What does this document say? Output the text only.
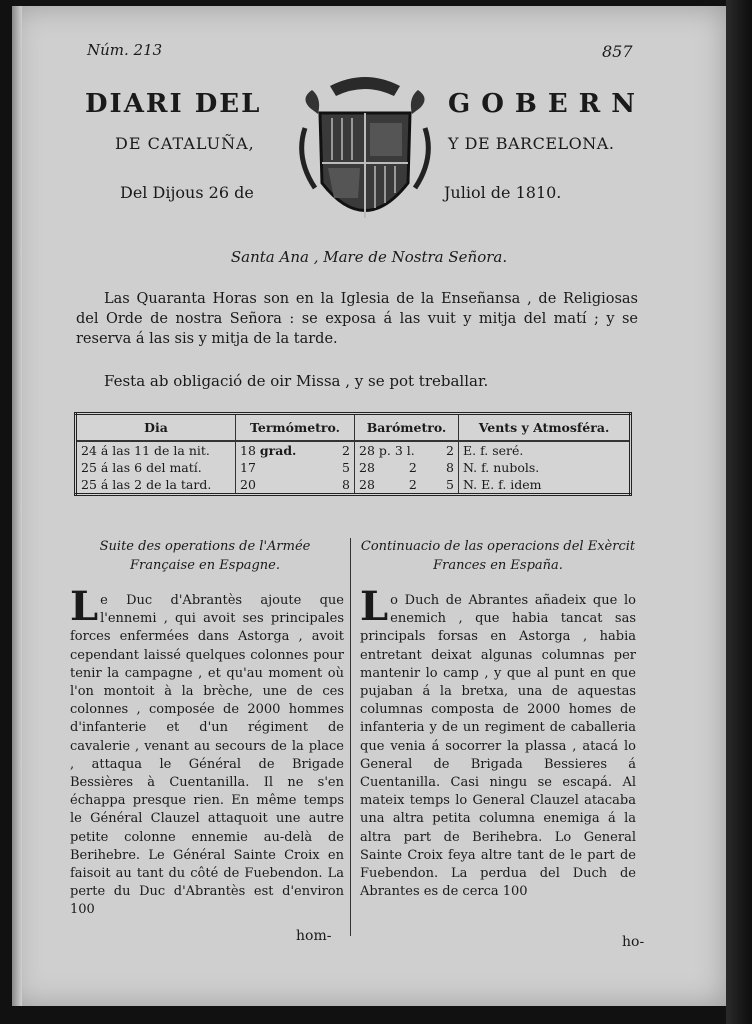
Núm. 213	857
DIARI DEL	GOBERN
DE CATALUÑA,	Y DE BARCELONA.
Del Dijous 26 de	Juliol de 1810.
Santa Ana , Mare de Nostra Señora.
Las Quaranta Horas son en la Iglesia de la Enseñansa , de Religiosas del Orde de nostra Señora : se exposa á las vuit y mitja del matí ; y se reserva á las sis y mitja de la tarde.
Festa ab obligació de oir Missa , y se pot treballar.
Dia	Termómetro.	Barómetro.	Vents y Atmosféra.
24 á las 11 de la nit.	18 grad. 2	28 p. 3 l. 2	E. f. seré.
25 á las 6 del matí.	17 5	28 2 8	N. f. nubols.
25 á las 2 de la tard.	20 8	28 2 5	N. E. f. idem
Suite des operations de l'Armée Française en Espagne.
Continuacio de las operacions del Exèrcit Frances en España.
Le Duc d'Abrantès ajoute que l'ennemi , qui avoit ses principales forces enfermées dans Astorga , avoit cependant laissé quelques colonnes pour tenir la campagne , et qu'au moment où l'on montoit à la brèche, une de ces colonnes , composée de 2000 hommes d'infanterie et d'un régiment de cavalerie , venant au secours de la place , attaqua le Général de Brigade Bessières à Cuentanilla. Il ne s'en échappa presque rien. En même temps le Général Clauzel attaquoit une autre petite colonne ennemie au-delà de Berihebre. Le Général Sainte Croix en faisoit au tant du côté de Fuebendon. La perte du Duc d'Abrantès est d'environ 100
Lo Duch de Abrantes añadeix que lo enemich , que habia tancat sas principals forsas en Astorga , habia entretant deixat algunas columnas per mantenir lo camp , y que al punt en que pujaban á la bretxa, una de aquestas columnas composta de 2000 homes de infanteria y de un regiment de caballeria que venia á socorrer la plassa , atacá lo General de Brigada Bessieres á Cuentanilla. Casi ningu se escapá. Al mateix temps lo General Clauzel atacaba una altra petita columna enemiga á la altra part de Berihebra. Lo General Sainte Croix feya altre tant de le part de Fuebendon. La perdua del Duch de Abrantes es de cerca 100
hom-	ho-
